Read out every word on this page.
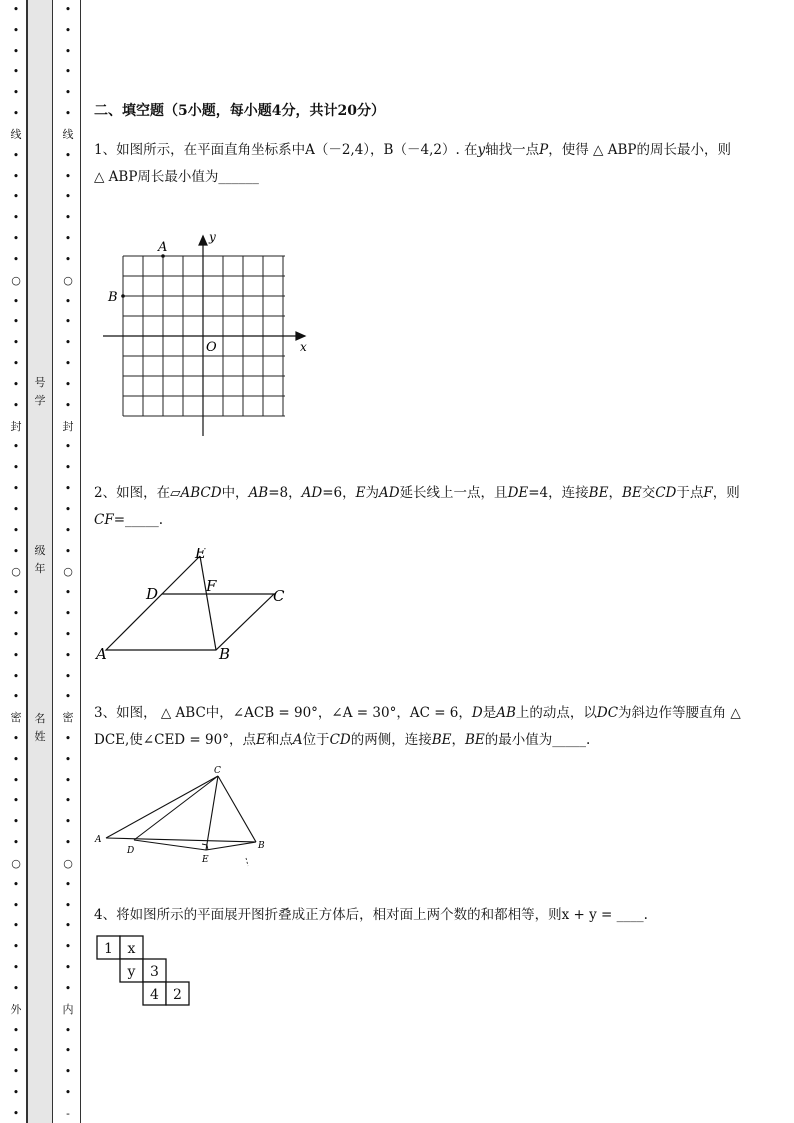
•
•
•
•
•
•
线
•
•
•
•
•
•
○
•
•
•
•
•
•
封
•
•
•
•
•
•
○
•
•
•
•
•
•
密
•
•
•
•
•
•
○
•
•
•
•
•
•
外
•
•
•
•
•
•
•
•
•
•
•
线
•
•
•
•
•
•
○
•
•
•
•
•
•
封
•
•
•
•
•
•
○
•
•
•
•
•
•
密
•
•
•
•
•
•
○
•
•
•
•
•
•
内
•
•
•
•
-
号
学
级
年
名
姓
二、填空题（5小题，每小题4分，共计20分）
1、如图所示，在平面直角坐标系中A（－2,4），B（－4,2）. 在y轴找一点P，使得 △ ABP的周长最小，则 △ ABP周长最小值为______
A
B
O	x
y
2、如图，在▱ABCD中，AB=8，AD=6，E为AD延长线上一点，且DE=4，连接BE，BE交CD于点F，则CF=_____.
A	B
C
D
E
F
3、如图， △ ABC中，∠ACB = 90°，∠A = 30°，AC = 6，D是AB上的动点，以DC为斜边作等腰直角 △ DCE,使∠CED = 90°，点E和点A位于CD的两侧，连接BE，BE的最小值为_____.
A
B
C
D
E
4、将如图所示的平面展开图折叠成正方体后，相对面上两个数的和都相等，则x + y = ____.
1 x
y 3
4 2
